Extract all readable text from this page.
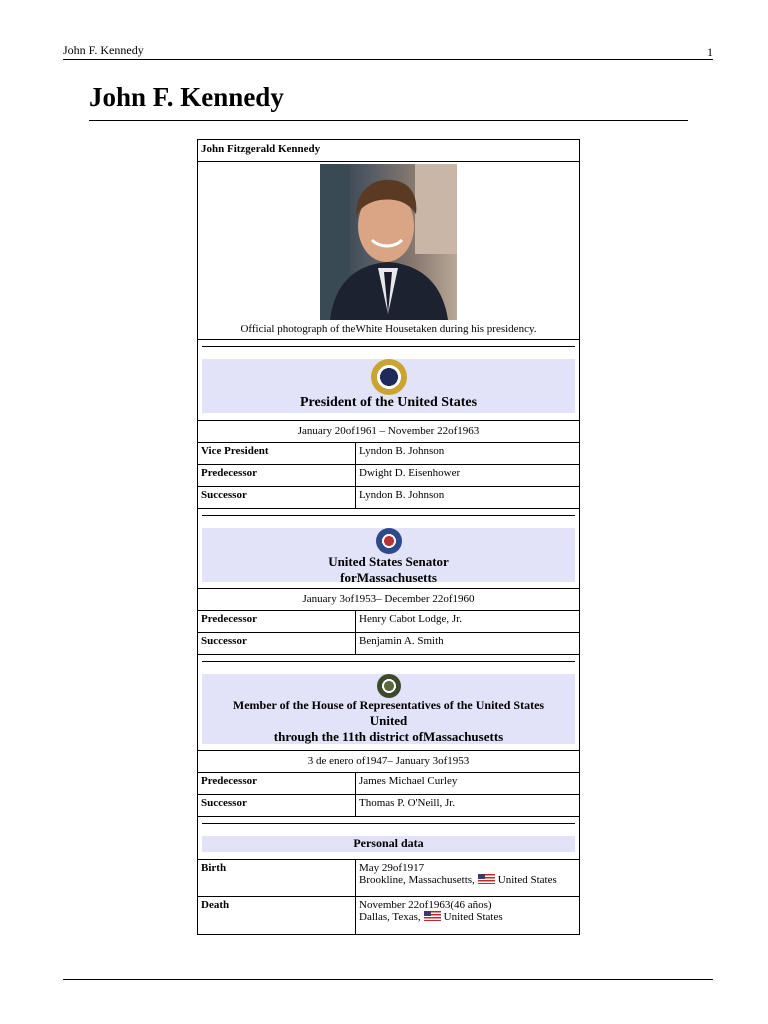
John F. Kennedy	1
John F. Kennedy
John Fitzgerald Kennedy
Official photograph of theWhite Housetaken during his presidency.
President of the United States
January 20of1961 – November 22of1963
Vice President	Lyndon B. Johnson
Predecessor	Dwight D. Eisenhower
Successor	Lyndon B. Johnson
United States Senator
forMassachusetts
January 3of1953– December 22of1960
Predecessor	Henry Cabot Lodge, Jr.
Successor	Benjamin A. Smith
Member of the House of Representatives of the United States
United
through the 11th district ofMassachusetts
3 de enero of1947– January 3of1953
Predecessor	James Michael Curley
Successor	Thomas P. O'Neill, Jr.
Personal data
Birth	May 29of1917
Brookline, Massachusetts, United States
Death	November 22of1963(46 años)
Dallas, Texas, United States
